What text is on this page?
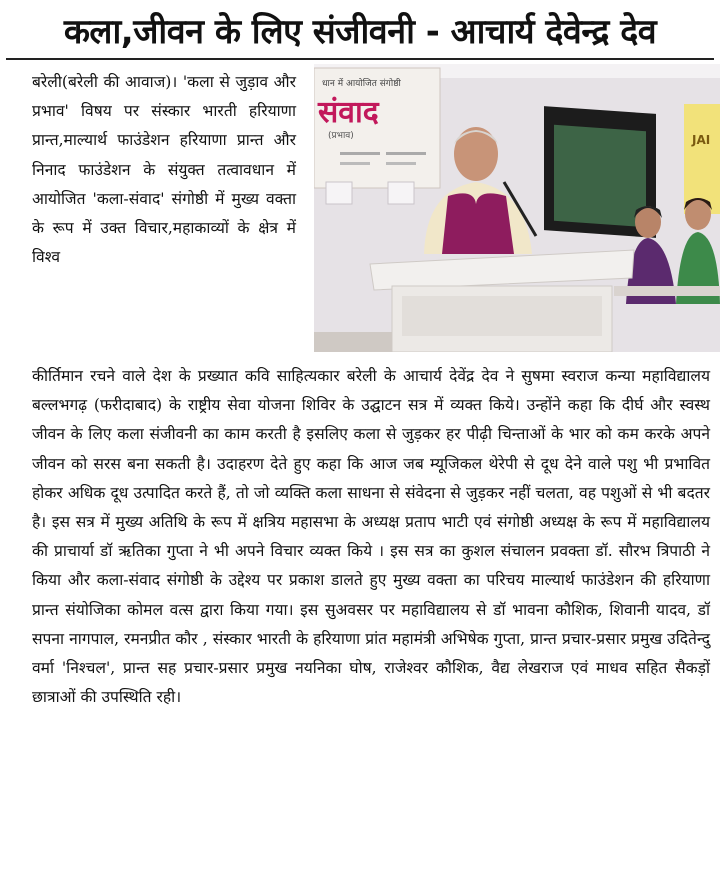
कला,जीवन के लिए संजीवनी - आचार्य देवेन्द्र देव

बरेली(बरेली की आवाज)। 'कला से जुड़ाव और प्रभाव' विषय पर संस्कार भारती हरियाणा प्रान्त,माल्यार्थ फाउंडेशन हरियाणा प्रान्त और निनाद फाउंडेशन के संयुक्त तत्वावधान में आयोजित 'कला-संवाद' संगोष्ठी में मुख्य वक्ता के रूप में उक्त विचार,महाकाव्यों के क्षेत्र में विश्व

धान में आयोजित संगोष्ठी
संवाद
(प्रभाव)	JAI

कीर्तिमान रचने वाले देश के प्रख्यात कवि साहित्यकार बरेली के आचार्य देवेंद्र देव ने सुषमा स्वराज कन्या महाविद्यालय बल्लभगढ़ (फरीदाबाद) के राष्ट्रीय सेवा योजना शिविर के उद्घाटन सत्र में व्यक्त किये। उन्होंने कहा कि दीर्घ और स्वस्थ जीवन के लिए कला संजीवनी का काम करती है इसलिए कला से जुड़कर हर पीढ़ी चिन्ताओं के भार को कम करके अपने जीवन को सरस बना सकती है। उदाहरण देते हुए कहा कि आज जब म्यूजिकल थेरेपी से दूध देने वाले पशु भी प्रभावित होकर अधिक दूध उत्पादित करते हैं, तो जो व्यक्ति कला साधना से संवेदना से जुड़कर नहीं चलता, वह पशुओं से भी बदतर है। इस सत्र में मुख्य अतिथि के रूप में क्षत्रिय महासभा के अध्यक्ष प्रताप भाटी एवं संगोष्ठी अध्यक्ष के रूप में महाविद्यालय की प्राचार्या डॉ ऋतिका गुप्ता ने भी अपने विचार व्यक्त किये । इस सत्र का कुशल संचालन प्रवक्ता डॉ. सौरभ त्रिपाठी ने किया और कला-संवाद संगोष्ठी के उद्देश्य पर प्रकाश डालते हुए मुख्य वक्ता का परिचय माल्यार्थ फाउंडेशन की हरियाणा प्रान्त संयोजिका कोमल वत्स द्वारा किया गया। इस सुअवसर पर महाविद्यालय से डॉ भावना कौशिक, शिवानी यादव, डॉ सपना नागपाल, रमनप्रीत कौर , संस्कार भारती के हरियाणा प्रांत महामंत्री अभिषेक गुप्ता, प्रान्त प्रचार-प्रसार प्रमुख उदितेन्दु वर्मा 'निश्चल', प्रान्त सह प्रचार-प्रसार प्रमुख नयनिका घोष, राजेश्वर कौशिक, वैद्य लेखराज एवं माधव सहित सैकड़ों छात्राओं की उपस्थिति रही।
